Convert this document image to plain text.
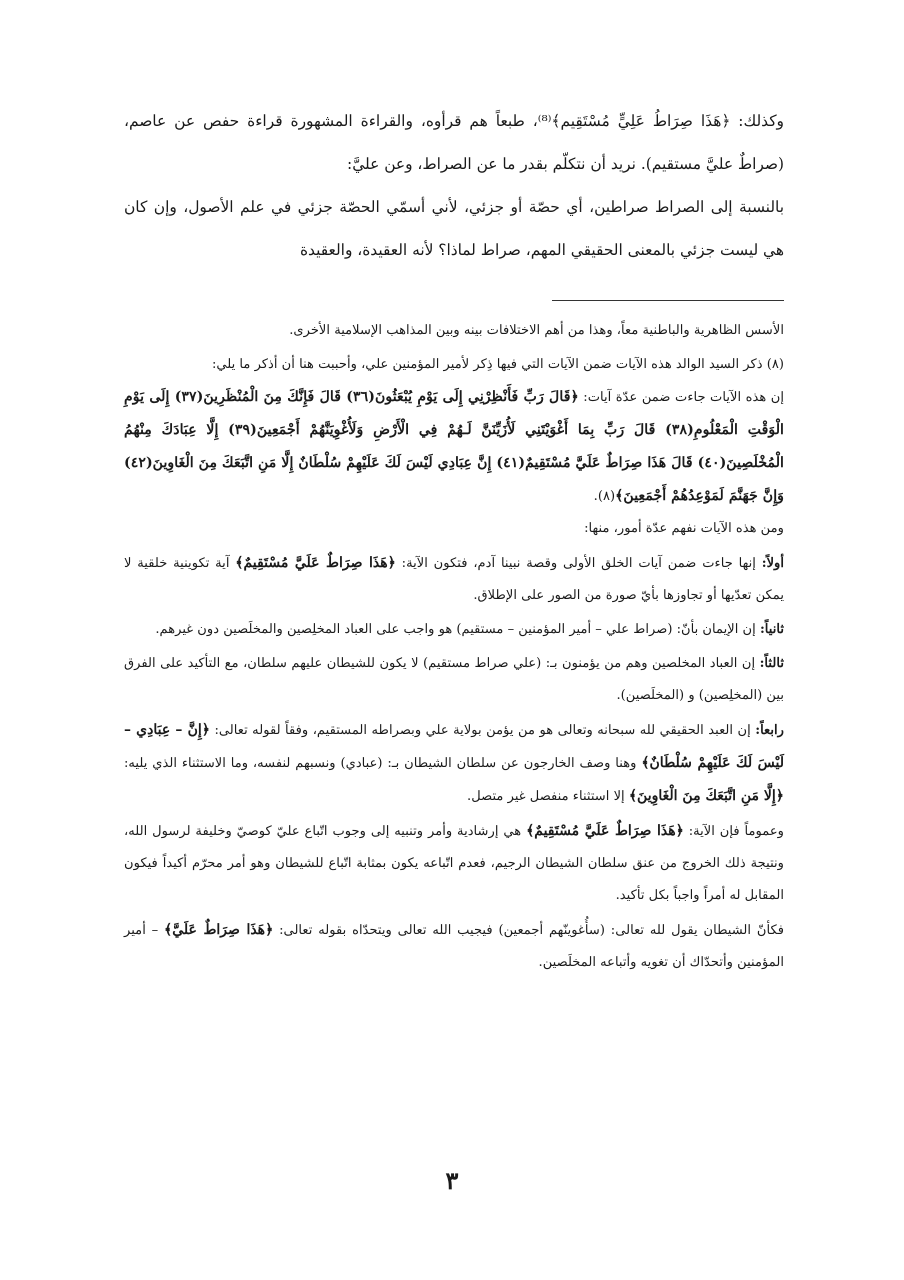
وكذلك: ﴿هَذَا صِرَاطُ عَلِيٍّ مُسْتَقِيم﴾⁽⁸⁾، طبعاً هم قرأوه، والقراءة المشهورة قراءة حفص عن عاصم، (صراطٌ عليَّ مستقيم). نريد أن نتكلّم بقدر ما عن الصراط، وعن عليَّ:

بالنسبة إلى الصراط صراطين، أي حصّة أو جزئي، لأني أسمّي الحصّة جزئي في علم الأصول، وإن كان هي ليست جزئي بالمعنى الحقيقي المهم، صراط لماذا؟ لأنه العقيدة، والعقيدة

الأسس الظاهرية والباطنية معاً، وهذا من أهم الاختلافات بينه وبين المذاهب الإسلامية الأخرى.

(٨) ذكر السيد الوالد‏ هذه الآيات ضمن الآيات التي فيها ذِكر لأمير المؤمنين علي‏، وأحببت هنا أن أذكر ما يلي:

إن هذه الآيات جاءت ضمن عدّة آيات: ﴿قَالَ رَبِّ فَأَنْظِرْنِي إِلَى يَوْمِ يُبْعَثُونَ(٣٦) قَالَ فَإِنَّكَ مِنَ الْمُنْظَرِينَ(٣٧) إِلَى يَوْمِ الْوَقْتِ الْمَعْلُومِ(٣٨) قَالَ رَبِّ بِمَا أَغْوَيْتَنِي لَأُزَيِّنَنَّ لَـهُمْ فِي الْأَرْضِ وَلَأُغْوِيَنَّهُمْ أَجْمَعِينَ(٣٩) إِلَّا عِبَادَكَ مِنْهُمُ الْمُخْلَصِينَ(٤٠) قَالَ هَذَا صِرَاطٌ عَلَيَّ مُسْتَقِيمٌ(٤١) إِنَّ عِبَادِي لَيْسَ لَكَ عَلَيْهِمْ سُلْطَانٌ إِلَّا مَنِ اتَّبَعَكَ مِنَ الْغَاوِينَ(٤٢) وَإِنَّ جَهَنَّمَ لَمَوْعِدُهُمْ أَجْمَعِينَ﴾(٨).

ومن هذه الآيات نفهم عدّة أمور، منها:

أولاً: إنها جاءت ضمن آيات الخلق الأولى وقصة نبينا آدم‏، فتكون الآية: ﴿هَذَا صِرَاطٌ عَلَيَّ مُسْتَقِيمٌ﴾ آية تكوينية خلقية لا يمكن تعدّيها أو تجاوزها بأيّ صورة من الصور على الإطلاق.

ثانياً: إن الإيمان بأنّ: (صراط علي – أمير المؤمنين – مستقيم) هو واجب على العباد المخلِصين والمخلَصين دون غيرهم.

ثالثاً: إن العباد المخلصين وهم من يؤمنون بـ: (علي صراط مستقيم) لا يكون للشيطان عليهم سلطان، مع التأكيد على الفرق بين (المخلِصين) و (المخلَصين).

رابعاً: إن العبد الحقيقي لله سبحانه وتعالى هو من يؤمن بولاية علي وبصراطه المستقيم، وفقاً لقوله تعالى: ﴿إِنَّ – عِبَادِي – لَيْسَ لَكَ عَلَيْهِمْ سُلْطَانٌ﴾ وهنا وصف الخارجون عن سلطان الشيطان بـ: (عبادي) ونسبهم لنفسه، وما الاستثناء الذي يليه: ﴿إِلَّا مَنِ اتَّبَعَكَ مِنَ الْغَاوِينَ﴾ إلا استثناء منفصل غير متصل.

وعموماً فإن الآية: ﴿هَذَا صِرَاطٌ عَلَيَّ مُسْتَقِيمٌ﴾ هي إرشادية وأمر وتنبيه إلى وجوب اتّباع عليّ كوصيّ وخليفة لرسول الله‏، ونتيجة ذلك الخروج من عنق سلطان الشيطان الرجيم، فعدم اتّباعه يكون بمثابة اتّباع للشيطان وهو أمر محرّم أكيداً فيكون المقابل له أمراً واجباً بكل تأكيد.

فكأنّ الشيطان يقول لله تعالى: (سأُغوينّهم أجمعين) فيجيب الله تعالى ويتحدّاه بقوله تعالى: ﴿هَذَا صِرَاطٌ عَلَيَّ﴾ – أمير المؤمنين وأتحدّاك أن تغويه وأتباعه المخلَصين.

٣
